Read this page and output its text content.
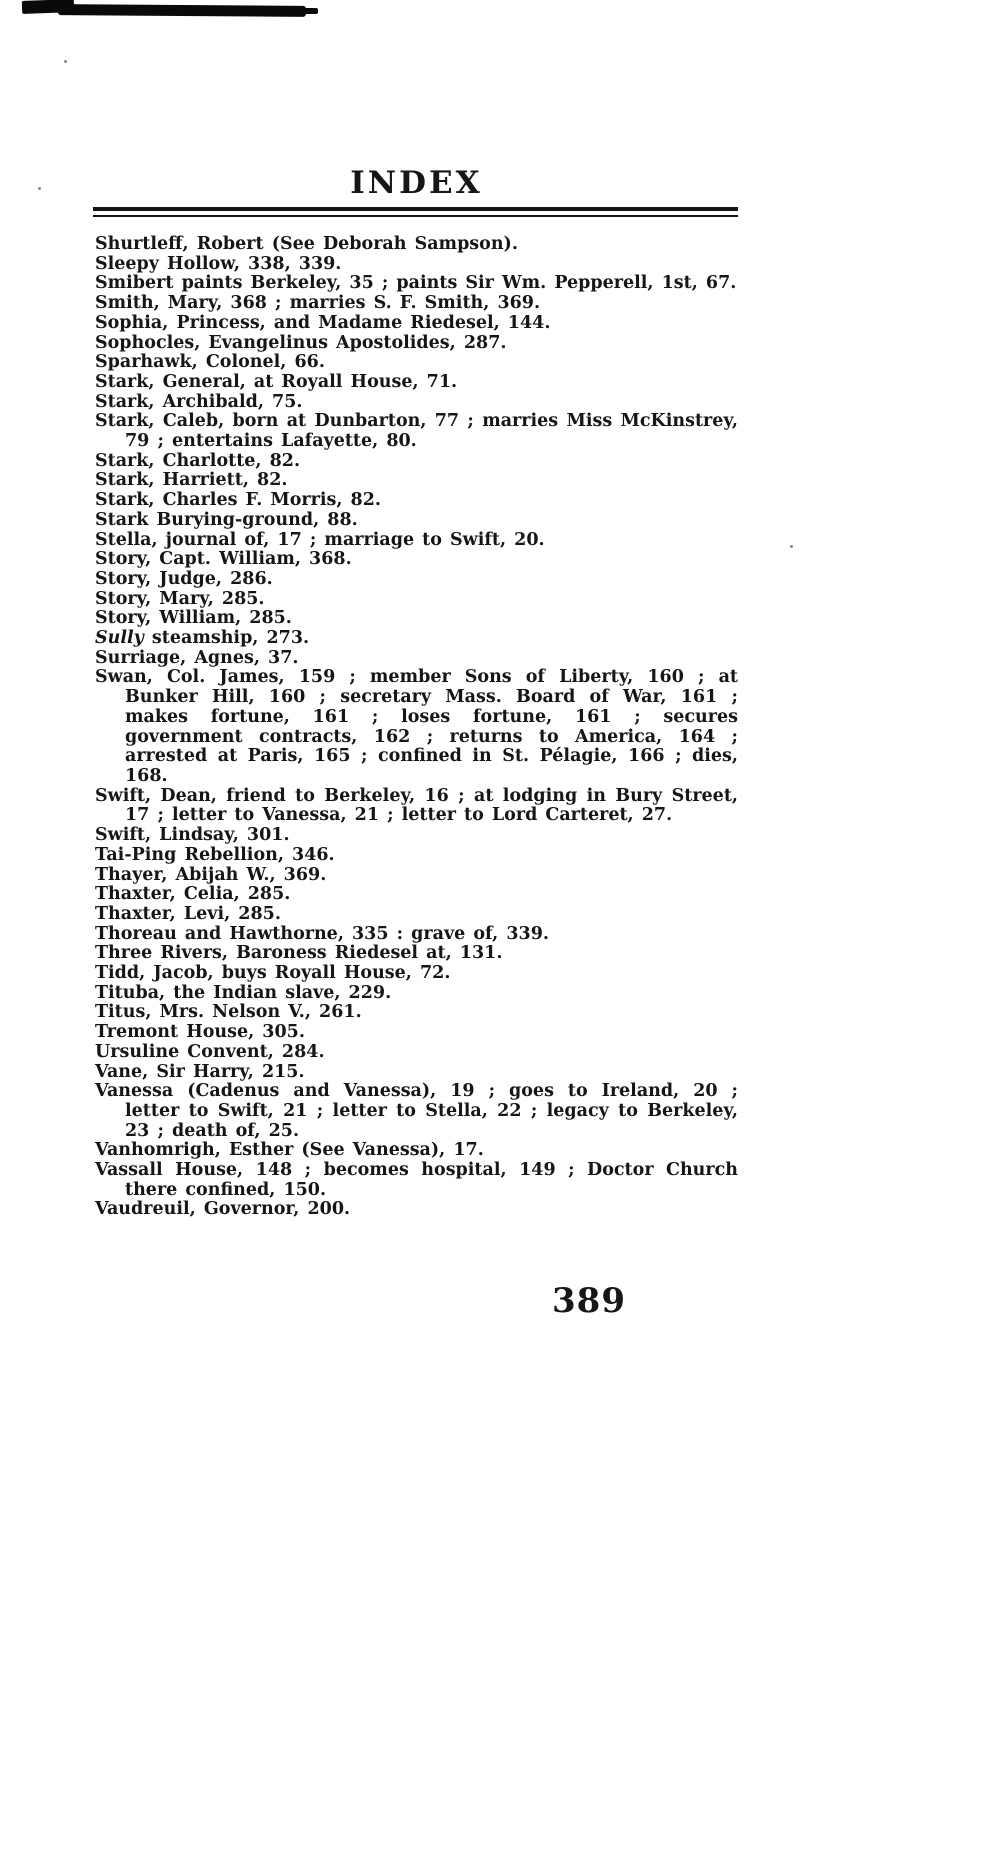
INDEX

Shurtleff, Robert (See Deborah Sampson).

Sleepy Hollow, 338, 339.

Smibert paints Berkeley, 35 ; paints Sir Wm. Pepperell, 1st, 67.

Smith, Mary, 368 ; marries S. F. Smith, 369.

Sophia, Princess, and Madame Riedesel, 144.

Sophocles, Evangelinus Apostolides, 287.

Sparhawk, Colonel, 66.

Stark, General, at Royall House, 71.

Stark, Archibald, 75.

Stark, Caleb, born at Dunbarton, 77 ; marries Miss McKinstrey, 79 ; entertains Lafayette, 80.

Stark, Charlotte, 82.

Stark, Harriett, 82.

Stark, Charles F. Morris, 82.

Stark Burying-ground, 88.

Stella, journal of, 17 ; marriage to Swift, 20.

Story, Capt. William, 368.

Story, Judge, 286.

Story, Mary, 285.

Story, William, 285.

Sully steamship, 273.

Surriage, Agnes, 37.

Swan, Col. James, 159 ; member Sons of Liberty, 160 ; at Bunker Hill, 160 ; secretary Mass. Board of War, 161 ; makes fortune, 161 ; loses fortune, 161 ; secures government contracts, 162 ; returns to America, 164 ; arrested at Paris, 165 ; confined in St. Pélagie, 166 ; dies, 168.

Swift, Dean, friend to Berkeley, 16 ; at lodging in Bury Street, 17 ; letter to Vanessa, 21 ; letter to Lord Carteret, 27.

Swift, Lindsay, 301.

Tai-Ping Rebellion, 346.

Thayer, Abijah W., 369.

Thaxter, Celia, 285.

Thaxter, Levi, 285.

Thoreau and Hawthorne, 335 : grave of, 339.

Three Rivers, Baroness Riedesel at, 131.

Tidd, Jacob, buys Royall House, 72.

Tituba, the Indian slave, 229.

Titus, Mrs. Nelson V., 261.

Tremont House, 305.

Ursuline Convent, 284.

Vane, Sir Harry, 215.

Vanessa (Cadenus and Vanessa), 19 ; goes to Ireland, 20 ; letter to Swift, 21 ; letter to Stella, 22 ; legacy to Berkeley, 23 ; death of, 25.

Vanhomrigh, Esther (See Vanessa), 17.

Vassall House, 148 ; becomes hospital, 149 ; Doctor Church there confined, 150.

Vaudreuil, Governor, 200.

389
